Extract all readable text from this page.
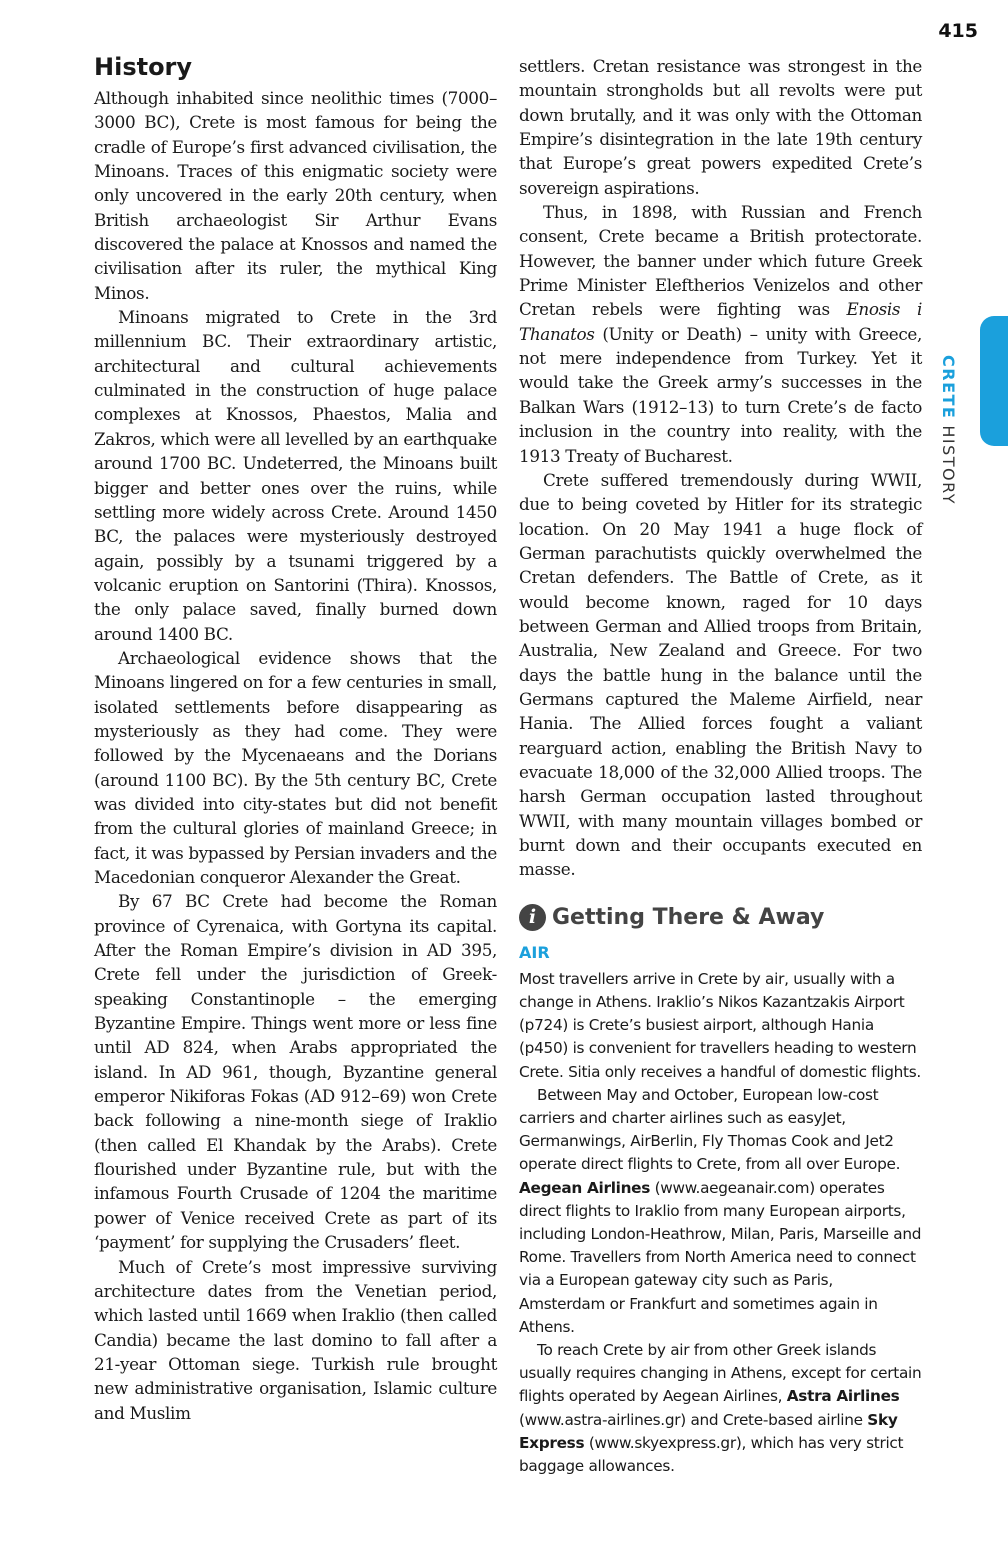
415
CRETEHISTORY
History

Although inhabited since neolithic times (7000–3000 BC), Crete is most famous for being the cradle of Europe’s first advanced civilisation, the Minoans. Traces of this enigmatic society were only uncovered in the early 20th century, when British archaeologist Sir Arthur Evans discovered the palace at Knossos and named the civilisation after its ruler, the mythical King Minos.

Minoans migrated to Crete in the 3rd millennium BC. Their extraordinary artistic, architectural and cultural achievements culminated in the construction of huge palace complexes at Knossos, Phaestos, Malia and Zakros, which were all levelled by an earthquake around 1700 BC. Undeterred, the Minoans built bigger and better ones over the ruins, while settling more widely across Crete. Around 1450 BC, the palaces were mysteriously destroyed again, possibly by a tsunami triggered by a volcanic eruption on Santorini (Thira). Knossos, the only palace saved, finally burned down around 1400 BC.

Archaeological evidence shows that the Minoans lingered on for a few centuries in small, isolated settlements before disappearing as mysteriously as they had come. They were followed by the Mycenaeans and the Dorians (around 1100 BC). By the 5th century BC, Crete was divided into city-states but did not benefit from the cultural glories of mainland Greece; in fact, it was bypassed by Persian invaders and the Macedonian conqueror Alexander the Great.

By 67 BC Crete had become the Roman province of Cyrenaica, with Gortyna its capital. After the Roman Empire’s division in AD 395, Crete fell under the jurisdiction of Greek-speaking Constantinople – the emerging Byzantine Empire. Things went more or less fine until AD 824, when Arabs appropriated the island. In AD 961, though, Byzantine general emperor Nikiforas Fokas (AD 912–69) won Crete back following a nine-month siege of Iraklio (then called El Khandak by the Arabs). Crete flourished under Byzantine rule, but with the infamous Fourth Crusade of 1204 the maritime power of Venice received Crete as part of its ‘payment’ for supplying the Crusaders’ fleet.

Much of Crete’s most impressive surviving architecture dates from the Venetian period, which lasted until 1669 when Iraklio (then called Candia) became the last domino to fall after a 21-year Ottoman siege. Turkish rule brought new administrative organisation, Islamic culture and Muslim

settlers. Cretan resistance was strongest in the mountain strongholds but all revolts were put down brutally, and it was only with the Ottoman Empire’s disintegration in the late 19th century that Europe’s great powers expedited Crete’s sovereign aspirations.

Thus, in 1898, with Russian and French consent, Crete became a British protectorate. However, the banner under which future Greek Prime Minister Eleftherios Venizelos and other Cretan rebels were fighting was Enosis i Thanatos (Unity or Death) – unity with Greece, not mere independence from Turkey. Yet it would take the Greek army’s successes in the Balkan Wars (1912–13) to turn Crete’s de facto inclusion in the country into reality, with the 1913 Treaty of Bucharest.

Crete suffered tremendously during WWII, due to being coveted by Hitler for its strategic location. On 20 May 1941 a huge flock of German parachutists quickly overwhelmed the Cretan defenders. The Battle of Crete, as it would become known, raged for 10 days between German and Allied troops from Britain, Australia, New Zealand and Greece. For two days the battle hung in the balance until the Germans captured the Maleme Airfield, near Hania. The Allied forces fought a valiant rearguard action, enabling the British Navy to evacuate 18,000 of the 32,000 Allied troops. The harsh German occupation lasted throughout WWII, with many mountain villages bombed or burnt down and their occupants executed en masse.

i Getting There & Away
AIR

Most travellers arrive in Crete by air, usually with a change in Athens. Iraklio’s Nikos Kazantzakis Airport (p724) is Crete’s busiest airport, although Hania (p450) is convenient for travellers heading to western Crete. Sitia only receives a handful of domestic flights.

Between May and October, European low-cost carriers and charter airlines such as easyJet, Germanwings, AirBerlin, Fly Thomas Cook and Jet2 operate direct flights to Crete, from all over Europe. Aegean Airlines (www.aegeanair.com) operates direct flights to Iraklio from many European airports, including London-Heathrow, Milan, Paris, Marseille and Rome. Travellers from North America need to connect via a European gateway city such as Paris, Amsterdam or Frankfurt and sometimes again in Athens.

To reach Crete by air from other Greek islands usually requires changing in Athens, except for certain flights operated by Aegean Airlines, Astra Airlines (www.astra-airlines.gr) and Crete-based airline Sky Express (www.skyexpress.gr), which has very strict baggage allowances.
